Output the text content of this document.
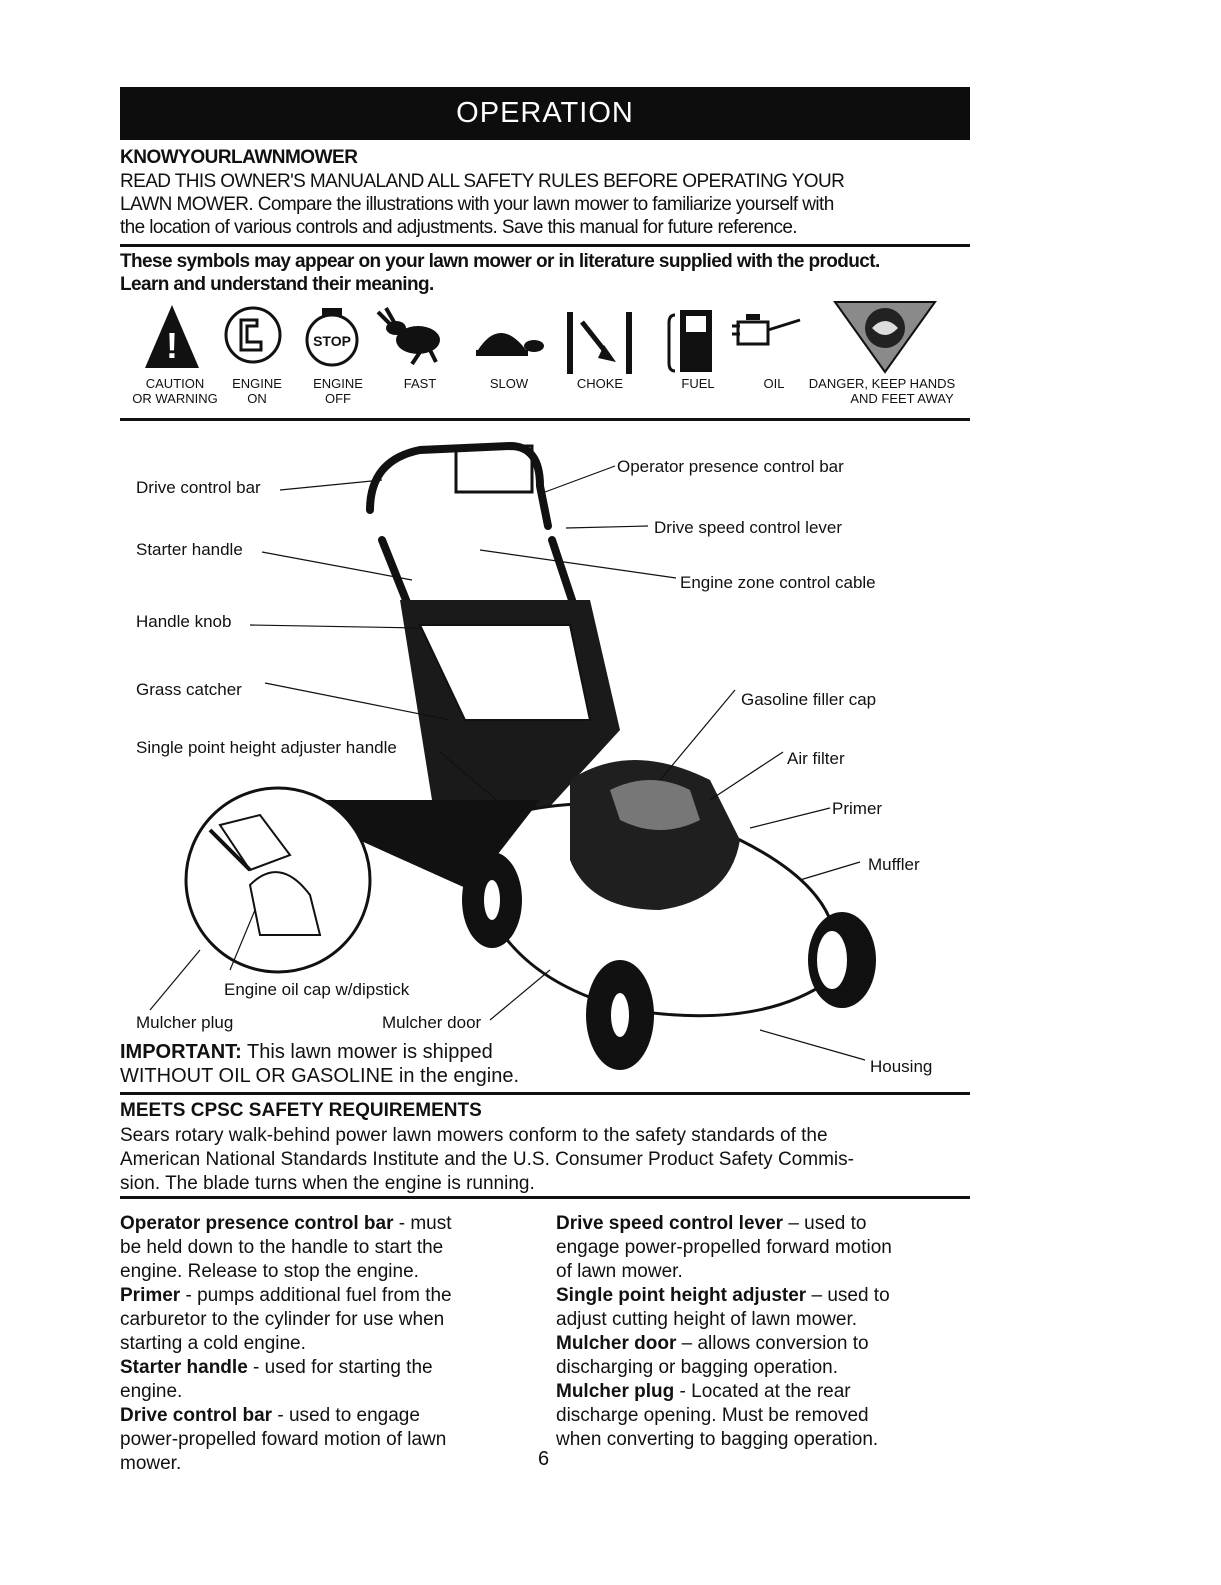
OPERATION
KNOWYOURLAWNMOWER
READ THIS OWNER'S MANUALAND ALL SAFETY RULES BEFORE OPERATING YOUR
LAWN MOWER. Compare the illustrations with your lawn mower to familiarize yourself with
the location of various controls and adjustments. Save this manual for future reference.
These symbols may appear on your lawn mower or in literature supplied with the product.
Learn and understand their meaning.
!	STOP
CAUTION
OR WARNING
ENGINE
ON
ENGINE
OFF
FAST	SLOW	CHOKE	FUEL	OIL	DANGER, KEEP HANDS
AND FEET AWAY
Drive control bar
Starter handle
Handle knob
Grass catcher
Single point height adjuster handle
Operator presence control bar
Drive speed control lever
Engine zone control cable
Gasoline filler cap
Air filter
Primer
Muffler
Engine oil cap w/dipstick
Mulcher plug	Mulcher door
Housing
IMPORTANT: This lawn mower is shipped
WITHOUT OIL OR GASOLINE in the engine.
MEETS CPSC SAFETY REQUIREMENTS
Sears rotary walk-behind power lawn mowers conform to the safety standards of the
American National Standards Institute and the U.S. Consumer Product Safety Commis-
sion. The blade turns when the engine is running.

Operator presence control bar - must
be held down to the handle to start the
engine. Release to stop the engine.

Primer - pumps additional fuel from the
carburetor to the cylinder for use when
starting a cold engine.

Starter handle - used for starting the
engine.

Drive control bar - used to engage
power-propelled foward motion of lawn
mower.

Drive speed control lever – used to
engage power-propelled forward motion
of lawn mower.

Single point height adjuster – used to
adjust cutting height of lawn mower.

Mulcher door – allows conversion to
discharging or bagging operation.

Mulcher plug - Located at the rear
discharge opening. Must be removed
when converting to bagging operation.

6
